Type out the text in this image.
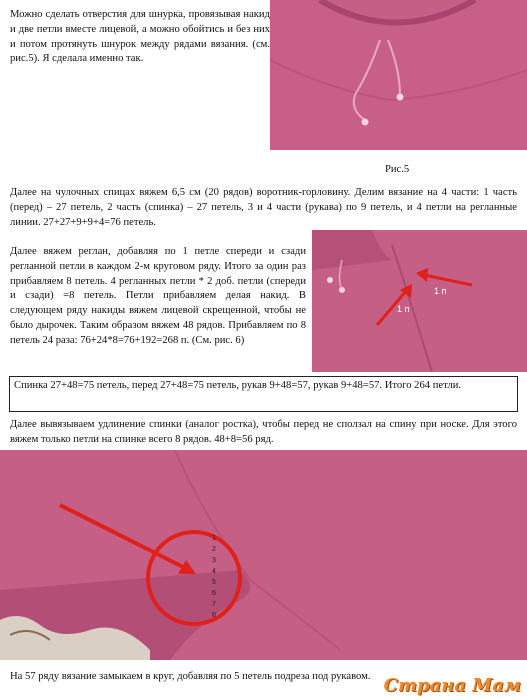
Можно сделать отверстия для шнурка, провязывая накид и две петли вместе лицевой, а можно обойтись и без них и потом протянуть шнурок между рядами вязания. (см. рис.5). Я сделала именно так.
Рис.5
Далее на чулочных спицах вяжем 6,5 см (20 рядов) воротник-горловину. Делим вязание на 4 части: 1 часть (перед) – 27 петель, 2 часть (спинка) – 27 петель, 3 и 4 части (рукава) по 9 петель, и 4 петли на регланные линии. 27+27+9+9+4=76 петель.
Далее вяжем реглан, добавляя по 1 петле спереди и сзади регланной петли в каждом 2-м круговом ряду. Итого за один раз прибавляем 8 петель. 4 регланных петли * 2 доб. петли (спереди и сзади) =8 петель. Петли прибавляем делая накид. В следующем ряду накиды вяжем лицевой скрещенной, чтобы не было дырочек. Таким образом вяжем 48 рядов. Прибавляем по 8 петель 24 раза: 76+24*8=76+192=268 п. (См. рис. 6)
1 п
1 п
Спинка 27+48=75 петель, перед 27+48=75 петель, рукав 9+48=57, рукав 9+48=57. Итого 264 петли.
Далее вывязываем удлинение спинки (аналог ростка), чтобы перед не сползал на спину при носке. Для этого вяжем только петли на спинке всего 8 рядов. 48+8=56 ряд.
1
2
3
4
5
6
7
8
На 57 ряду вязание замыкаем в круг, добавляя по 5 петель подреза под рукавом. Страна Мам
